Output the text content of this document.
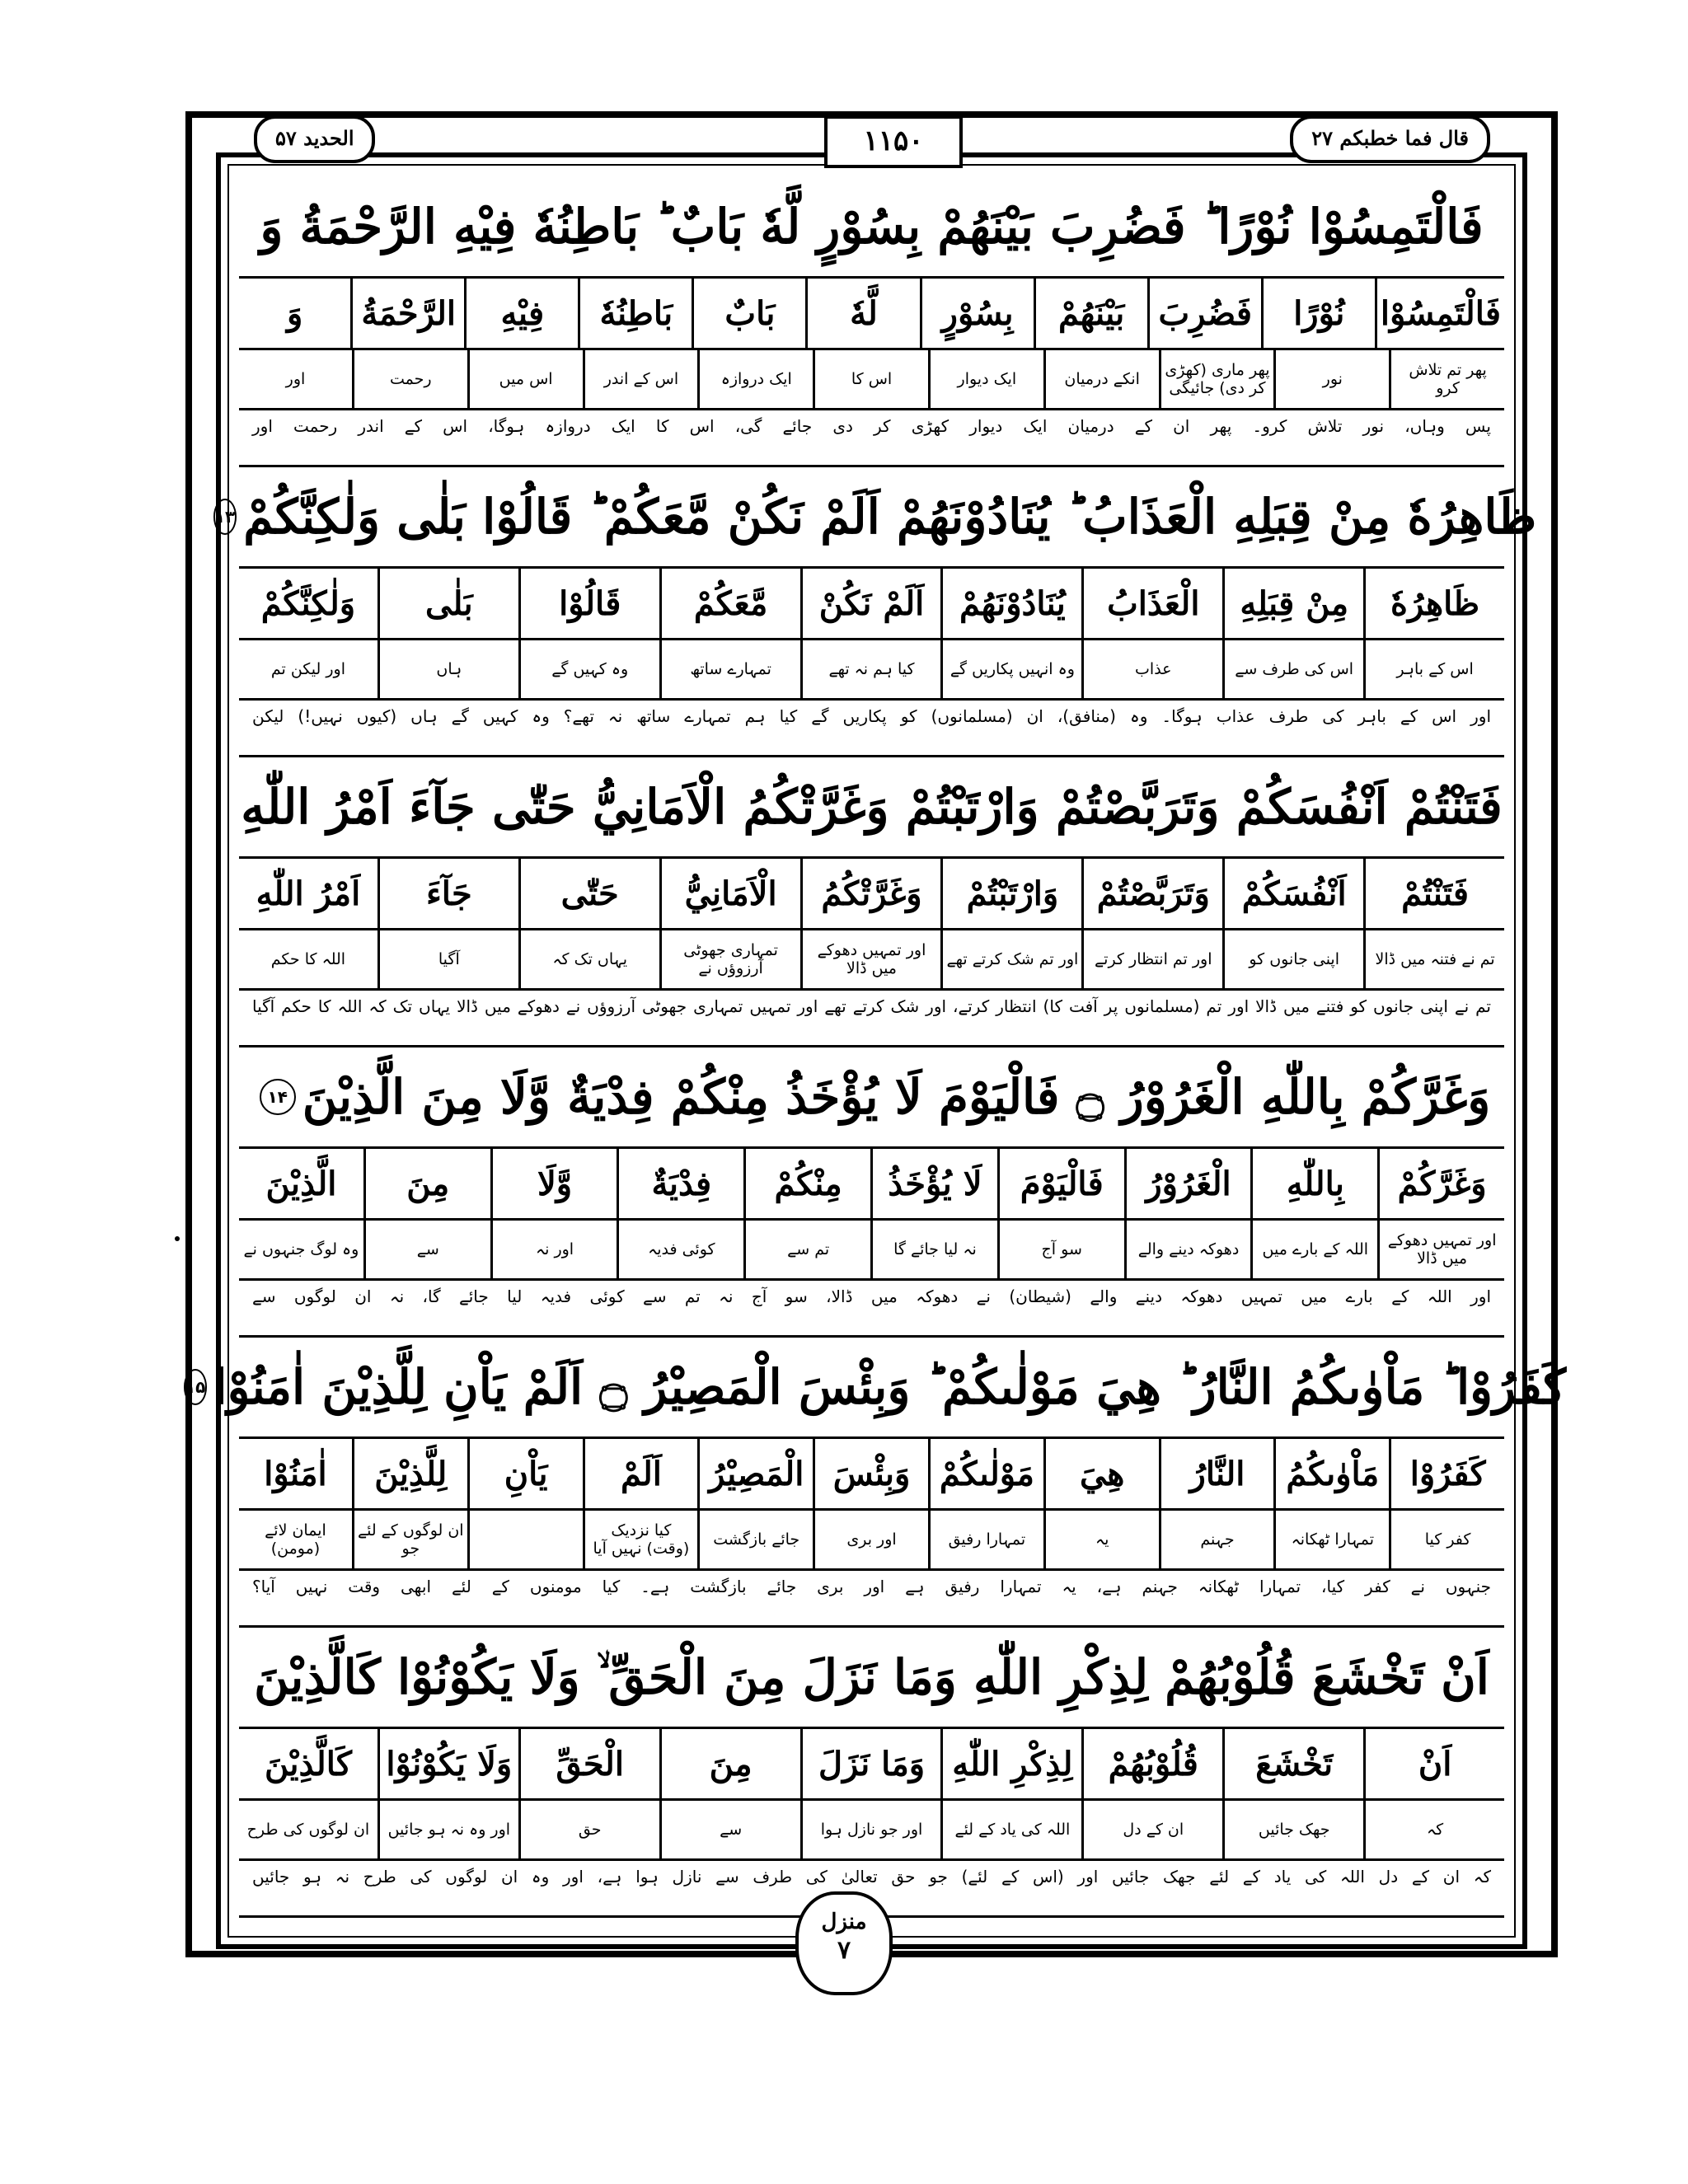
الحدید ۵۷	۱۱۵۰	قال فما خطبكم ۲۷
فَالْتَمِسُوْا نُوْرًا ؕ فَضُرِبَ بَيْنَهُمْ بِسُوْرٍ لَّهٗ بَابٌ ؕ بَاطِنُهٗ فِيْهِ الرَّحْمَةُ وَ
فَالْتَمِسُوْا
نُوْرًا
فَضُرِبَ
بَيْنَهُمْ
بِسُوْرٍ
لَّهٗ
بَابٌ
بَاطِنُهٗ
فِيْهِ
الرَّحْمَةُ
وَ
پھر تم تلاش کرو
نور
پھر ماری (کھڑی کر دی) جائیگی
انکے درمیان
ایک دیوار
اس کا
ایک دروازہ
اس کے اندر
اس میں
رحمت
اور
پس وہاں، نور تلاش کرو۔ پھر ان کے درمیان ایک دیوار کھڑی کر دی جائے گی، اس کا ایک دروازہ ہوگا، اس کے اندر رحمت اور
ظَاهِرُهٗ مِنْ قِبَلِهِ الْعَذَابُ ؕ يُنَادُوْنَهُمْ اَلَمْ نَكُنْ مَّعَكُمْ ؕ قَالُوْا بَلٰى وَلٰكِنَّكُمْ
۱۳
ظَاهِرُهٗ
مِنْ قِبَلِهِ
الْعَذَابُ
يُنَادُوْنَهُمْ
اَلَمْ نَكُنْ
مَّعَكُمْ
قَالُوْا
بَلٰى
وَلٰكِنَّكُمْ
اس کے باہر
اس کی طرف سے
عذاب
وہ انہیں پکاریں گے
کیا ہم نہ تھے
تمہارے ساتھ
وہ کہیں گے
ہاں
اور لیکن تم
اور اس کے باہر کی طرف عذاب ہوگا۔ وہ (منافق)، ان (مسلمانوں) کو پکاریں گے کیا ہم تمہارے ساتھ نہ تھے؟ وہ کہیں گے ہاں (کیوں نہیں!) لیکن
فَتَنْتُمْ اَنْفُسَكُمْ وَتَرَبَّصْتُمْ وَارْتَبْتُمْ وَغَرَّتْكُمُ الْاَمَانِيُّ حَتّٰى جَآءَ اَمْرُ اللّٰهِ
فَتَنْتُمْ
اَنْفُسَكُمْ
وَتَرَبَّصْتُمْ
وَارْتَبْتُمْ
وَغَرَّتْكُمُ
الْاَمَانِيُّ
حَتّٰى
جَآءَ
اَمْرُ اللّٰهِ
تم نے فتنہ میں ڈالا
اپنی جانوں کو
اور تم انتظار کرتے
اور تم شک کرتے تھے
اور تمہیں دھوکے میں ڈالا
تمہاری جھوٹی آرزوؤں نے
یہاں تک کہ
آگیا
اللہ کا حکم
تم نے اپنی جانوں کو فتنے میں ڈالا اور تم (مسلمانوں پر آفت کا) انتظار کرتے، اور شک کرتے تھے اور تمہیں تمہاری جھوٹی آرزوؤں نے دھوکے میں ڈالا یہاں تک کہ اللہ کا حکم آگیا
وَغَرَّكُمْ بِاللّٰهِ الْغَرُوْرُ ۝ فَالْيَوْمَ لَا يُؤْخَذُ مِنْكُمْ فِدْيَةٌ وَّلَا مِنَ الَّذِيْنَ
۱۴
وَغَرَّكُمْ
بِاللّٰهِ
الْغَرُوْرُ
فَالْيَوْمَ
لَا يُؤْخَذُ
مِنْكُمْ
فِدْيَةٌ
وَّلَا
مِنَ
الَّذِيْنَ
اور تمہیں دھوکے میں ڈالا
اللہ کے بارے میں
دھوکہ دینے والے
سو آج
نہ لیا جائے گا
تم سے
کوئی فدیہ
اور نہ
سے
وہ لوگ جنہوں نے
اور اللہ کے بارے میں تمہیں دھوکہ دینے والے (شیطان) نے دھوکہ میں ڈالا، سو آج نہ تم سے کوئی فدیہ لیا جائے گا، نہ ان لوگوں سے
كَفَرُوْا ؕ مَاْوٰىكُمُ النَّارُ ؕ هِيَ مَوْلٰىكُمْ ؕ وَبِئْسَ الْمَصِيْرُ ۝ اَلَمْ يَاْنِ لِلَّذِيْنَ اٰمَنُوْا
۱۵
كَفَرُوْا
مَاْوٰىكُمُ
النَّارُ
هِيَ
مَوْلٰىكُمْ
وَبِئْسَ
الْمَصِيْرُ
اَلَمْ
يَاْنِ
لِلَّذِيْنَ
اٰمَنُوْا
کفر کیا
تمہارا ٹھکانہ
جہنم
یہ
تمہارا رفیق
اور بری
جائے بازگشت
کیا نزدیک (وقت) نہیں آیا
ان لوگوں کے لئے جو
ایمان لائے (مومن)
جنہوں نے کفر کیا، تمہارا ٹھکانہ جہنم ہے، یہ تمہارا رفیق ہے اور بری جائے بازگشت ہے۔ کیا مومنوں کے لئے ابھی وقت نہیں آیا؟
اَنْ تَخْشَعَ قُلُوْبُهُمْ لِذِكْرِ اللّٰهِ وَمَا نَزَلَ مِنَ الْحَقِّ ۙ وَلَا يَكُوْنُوْا كَالَّذِيْنَ
اَنْ
تَخْشَعَ
قُلُوْبُهُمْ
لِذِكْرِ اللّٰهِ
وَمَا نَزَلَ
مِنَ
الْحَقِّ
وَلَا يَكُوْنُوْا
كَالَّذِيْنَ
کہ
جھک جائیں
ان کے دل
اللہ کی یاد کے لئے
اور جو نازل ہوا
سے
حق
اور وہ نہ ہو جائیں
ان لوگوں کی طرح
کہ ان کے دل اللہ کی یاد کے لئے جھک جائیں اور (اس کے لئے) جو حق تعالیٰ کی طرف سے نازل ہوا ہے، اور وہ ان لوگوں کی طرح نہ ہو جائیں
منزل
۷
